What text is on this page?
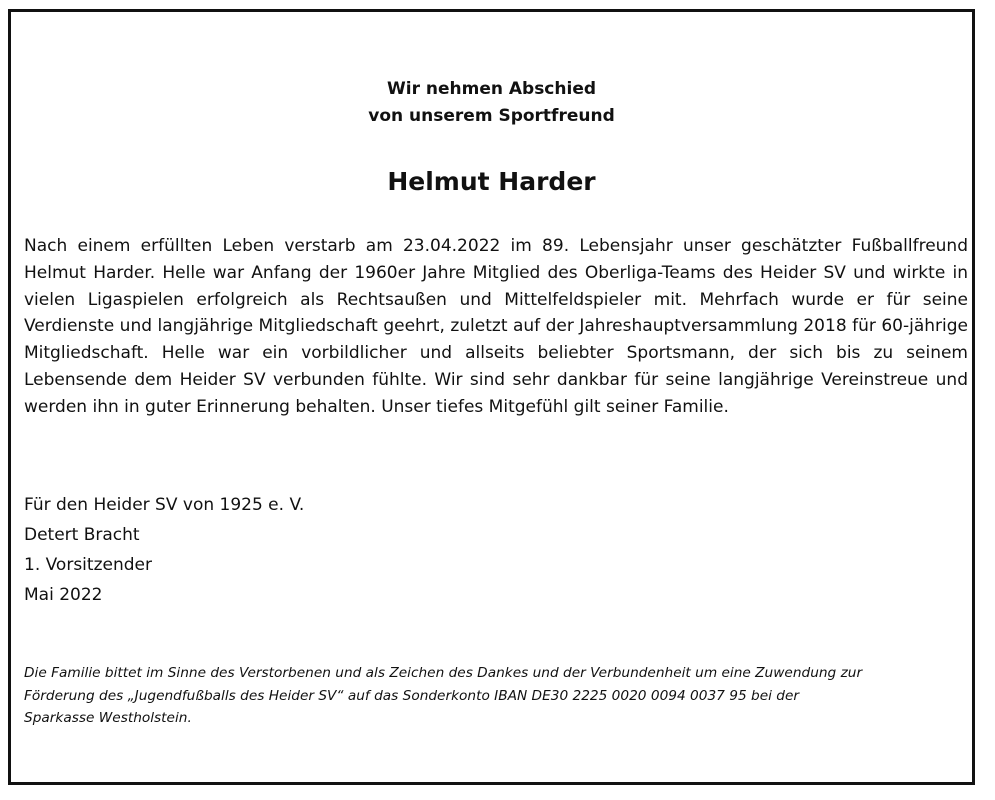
Wir nehmen Abschied
von unserem Sportfreund
Helmut Harder
Nach einem erfüllten Leben verstarb am 23.04.2022 im 89. Lebensjahr unser geschätzter Fußballfreund Helmut Harder. Helle war Anfang der 1960er Jahre Mitglied des Oberliga-Teams des Heider SV und wirkte in vielen Ligaspielen erfolgreich als Rechtsaußen und Mittelfeldspieler mit. Mehrfach wurde er für seine Verdienste und langjährige Mitgliedschaft geehrt, zuletzt auf der Jahreshauptversammlung 2018 für 60-jährige Mitgliedschaft. Helle war ein vorbildlicher und allseits beliebter Sportsmann, der sich bis zu seinem Lebensende dem Heider SV verbunden fühlte. Wir sind sehr dankbar für seine langjährige Vereinstreue und werden ihn in guter Erinnerung behalten. Unser tiefes Mitgefühl gilt seiner Familie.
Für den Heider SV von 1925 e. V.
Detert Bracht
1. Vorsitzender
Mai 2022
Die Familie bittet im Sinne des Verstorbenen und als Zeichen des Dankes und der Verbundenheit um eine Zuwendung zur
Förderung des „Jugendfußballs des Heider SV“ auf das Sonderkonto IBAN DE30 2225 0020 0094 0037 95 bei der
Sparkasse Westholstein.
